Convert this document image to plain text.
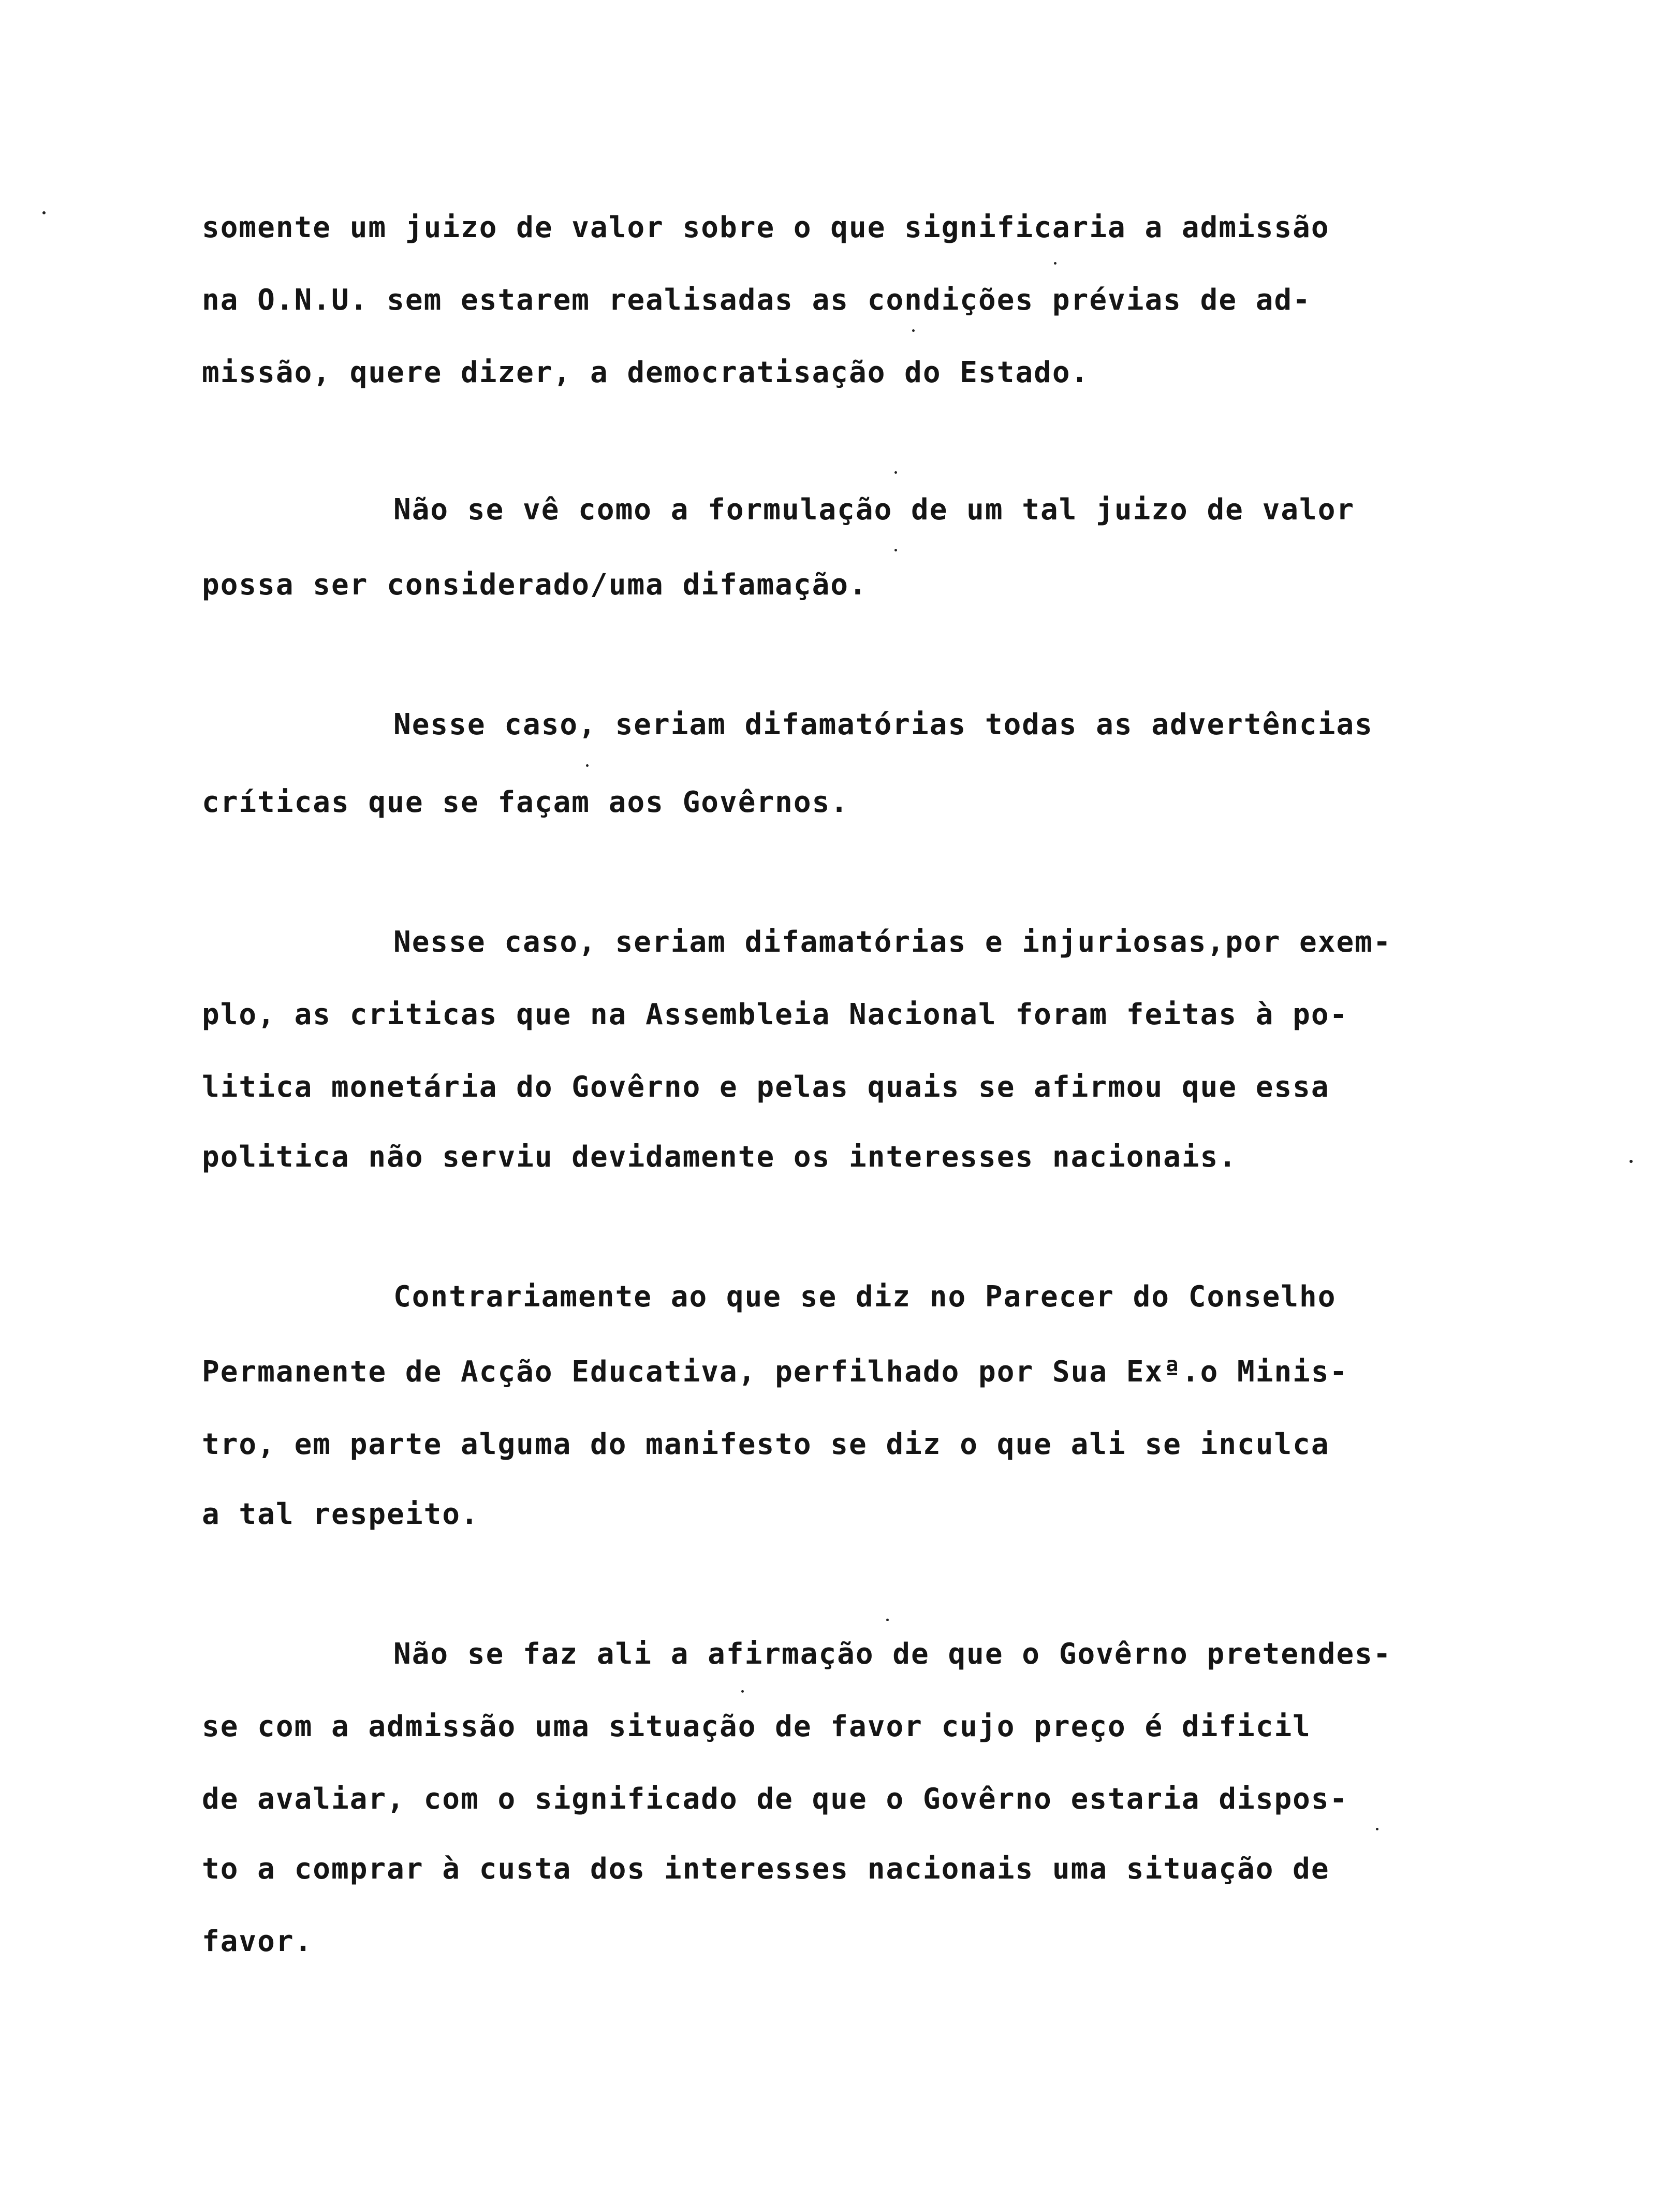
somente um juizo de valor sobre o que significaria a admissão
na O.N.U. sem estarem realisadas as condições prévias de ad-
missão, quere dizer, a democratisação do Estado.
Não se vê como a formulação de um tal juizo de valor
possa ser considerado/uma difamação.
Nesse caso, seriam difamatórias todas as advertências
críticas que se façam aos Govêrnos.
Nesse caso, seriam difamatórias e injuriosas,por exem-
plo, as criticas que na Assembleia Nacional foram feitas à po-
litica monetária do Govêrno e pelas quais se afirmou que essa
politica não serviu devidamente os interesses nacionais.
Contrariamente ao que se diz no Parecer do Conselho
Permanente de Acção Educativa, perfilhado por Sua Exª.o Minis-
tro, em parte alguma do manifesto se diz o que ali se inculca
a tal respeito.
Não se faz ali a afirmação de que o Govêrno pretendes-
se com a admissão uma situação de favor cujo preço é dificil
de avaliar, com o significado de que o Govêrno estaria dispos-
to a comprar à custa dos interesses nacionais uma situação de
favor.
